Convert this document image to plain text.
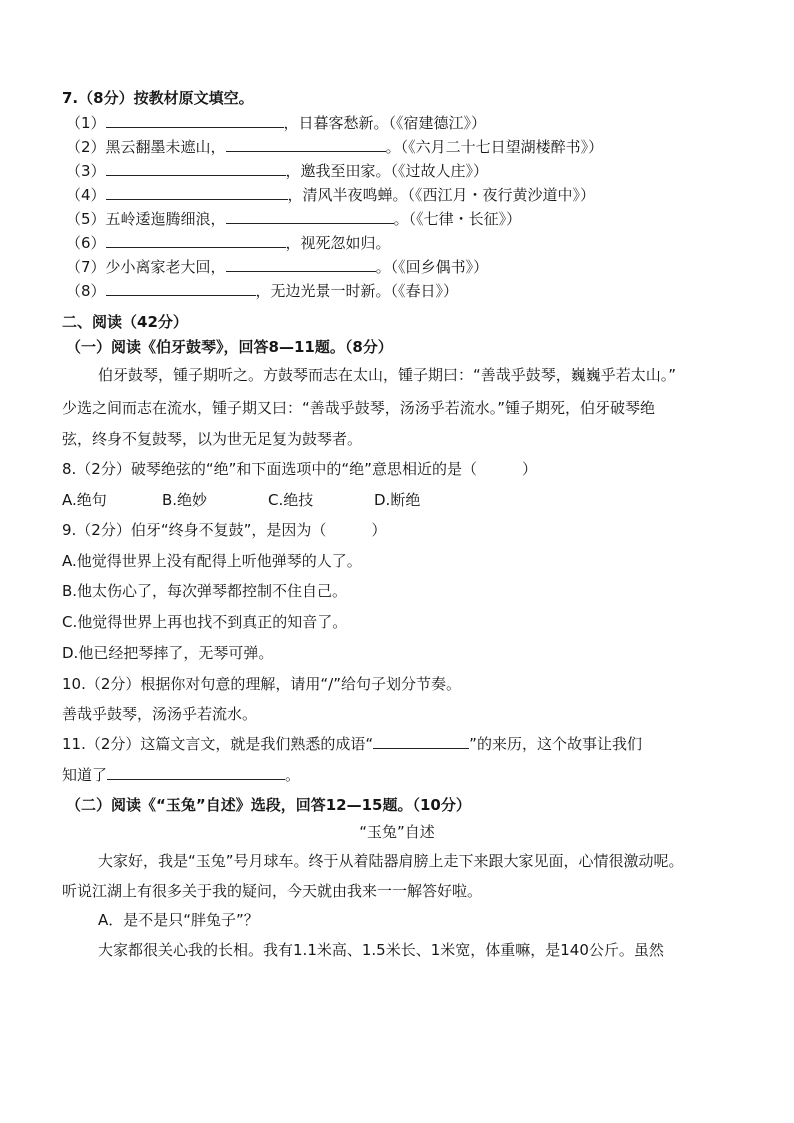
7.（8分）按教材原文填空。
（1）	，日暮客愁新。（《宿建德江》）
（2）黑云翻墨未遮山，	。（《六月二十七日望湖楼醉书》）
（3）	，邀我至田家。（《过故人庄》）
（4）	，清风半夜鸣蝉。（《西江月・夜行黄沙道中》）
（5）五岭逶迤腾细浪，	。（《七律・长征》）
（6）	，视死忽如归。
（7）少小离家老大回，	。（《回乡偶书》）
（8）	，无边光景一时新。（《春日》）
二、阅读（42分）
（一）阅读《伯牙鼓琴》，回答8—11题。（8分）
伯牙鼓琴，锺子期听之。方鼓琴而志在太山，锺子期曰：“善哉乎鼓琴，巍巍乎若太山。”
少选之间而志在流水，锺子期又曰：“善哉乎鼓琴，汤汤乎若流水。”锺子期死，伯牙破琴绝
弦，终身不复鼓琴，以为世无足复为鼓琴者。
8.（2分）破琴绝弦的“绝”和下面选项中的“绝”意思相近的是（　　　）
A.绝句	B.绝妙	C.绝技	D.断绝
9.（2分）伯牙“终身不复鼓”，是因为（　　　）
A.他觉得世界上没有配得上听他弹琴的人了。
B.他太伤心了，每次弹琴都控制不住自己。
C.他觉得世界上再也找不到真正的知音了。
D.他已经把琴摔了，无琴可弹。
10.（2分）根据你对句意的理解，请用“/”给句子划分节奏。
善哉乎鼓琴，汤汤乎若流水。
11.（2分）这篇文言文，就是我们熟悉的成语“	”的来历，这个故事让我们
知道了	。
（二）阅读《“玉兔”自述》选段，回答12—15题。（10分）
“玉兔”自述
大家好，我是“玉兔”号月球车。终于从着陆器肩膀上走下来跟大家见面，心情很激动呢。
听说江湖上有很多关于我的疑问，今天就由我来一一解答好啦。
A．是不是只“胖兔子”？
大家都很关心我的长相。我有1.1米高、1.5米长、1米宽，体重嘛，是140公斤。虽然
